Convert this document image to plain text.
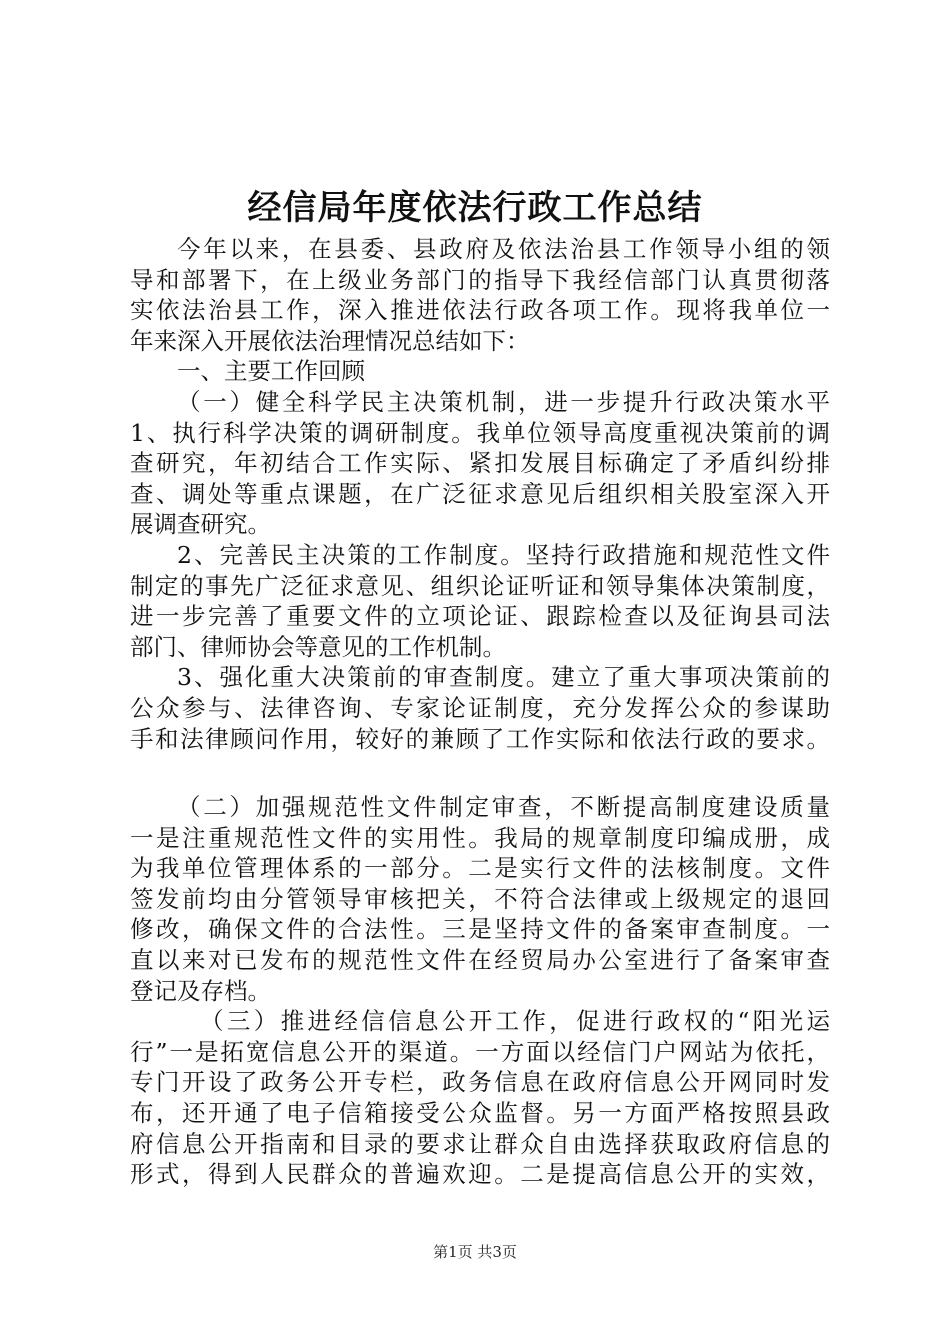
经信局年度依法行政工作总结
今年以来，在县委、县政府及依法治县工作领导小组的领
导和部署下，在上级业务部门的指导下我经信部门认真贯彻落
实依法治县工作，深入推进依法行政各项工作。现将我单位一
年来深入开展依法治理情况总结如下：
一、主要工作回顾
（一）健全科学民主决策机制，进一步提升行政决策水平
1、执行科学决策的调研制度。我单位领导高度重视决策前的调
查研究，年初结合工作实际、紧扣发展目标确定了矛盾纠纷排
查、调处等重点课题，在广泛征求意见后组织相关股室深入开
展调查研究。
2、完善民主决策的工作制度。坚持行政措施和规范性文件
制定的事先广泛征求意见、组织论证听证和领导集体决策制度，
进一步完善了重要文件的立项论证、跟踪检查以及征询县司法
部门、律师协会等意见的工作机制。
3、强化重大决策前的审查制度。建立了重大事项决策前的
公众参与、法律咨询、专家论证制度，充分发挥公众的参谋助
手和法律顾问作用，较好的兼顾了工作实际和依法行政的要求。
（二）加强规范性文件制定审查，不断提高制度建设质量
一是注重规范性文件的实用性。我局的规章制度印编成册，成
为我单位管理体系的一部分。二是实行文件的法核制度。文件
签发前均由分管领导审核把关，不符合法律或上级规定的退回
修改，确保文件的合法性。三是坚持文件的备案审查制度。一
直以来对已发布的规范性文件在经贸局办公室进行了备案审查
登记及存档。
（三）推进经信信息公开工作，促进行政权的“阳光运
行”一是拓宽信息公开的渠道。一方面以经信门户网站为依托，
专门开设了政务公开专栏，政务信息在政府信息公开网同时发
布，还开通了电子信箱接受公众监督。另一方面严格按照县政
府信息公开指南和目录的要求让群众自由选择获取政府信息的
形式，得到人民群众的普遍欢迎。二是提高信息公开的实效，
第1页 共3页
